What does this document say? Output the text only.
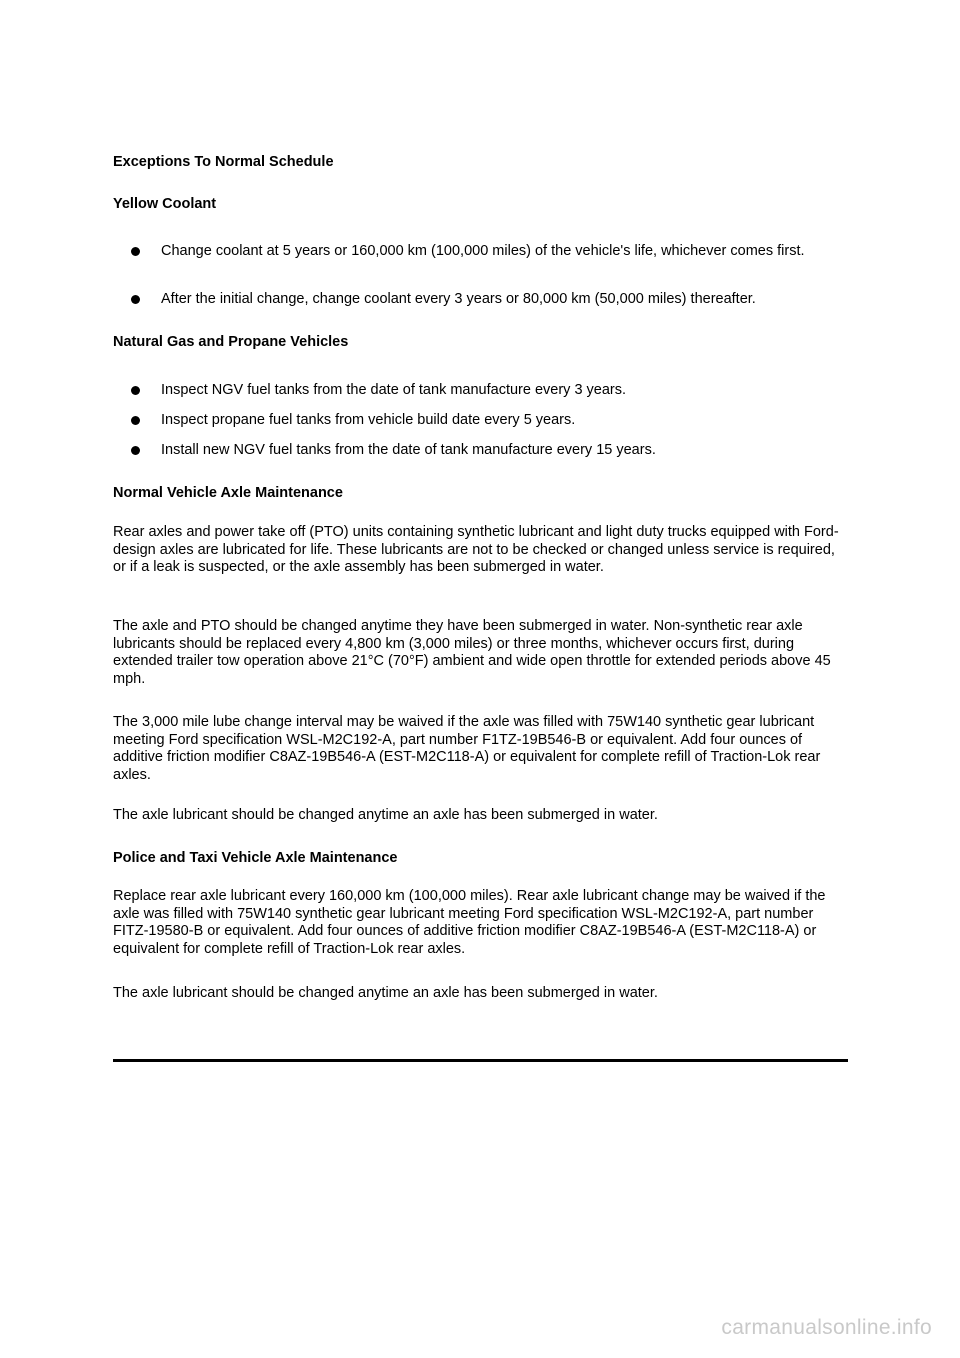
Exceptions To Normal Schedule
Yellow Coolant
Change coolant at 5 years or 160,000 km (100,000 miles) of the vehicle's life, whichever comes first.
After the initial change, change coolant every 3 years or 80,000 km (50,000 miles) thereafter.
Natural Gas and Propane Vehicles
Inspect NGV fuel tanks from the date of tank manufacture every 3 years.
Inspect propane fuel tanks from vehicle build date every 5 years.
Install new NGV fuel tanks from the date of tank manufacture every 15 years.
Normal Vehicle Axle Maintenance

Rear axles and power take off (PTO) units containing synthetic lubricant and light duty trucks equipped with Ford-design axles are lubricated for life. These lubricants are not to be checked or changed unless service is required, or if a leak is suspected, or the axle assembly has been submerged in water.

The axle and PTO should be changed anytime they have been submerged in water. Non-synthetic rear axle lubricants should be replaced every 4,800 km (3,000 miles) or three months, whichever occurs first, during extended trailer tow operation above 21°C (70°F) ambient and wide open throttle for extended periods above 45 mph.

The 3,000 mile lube change interval may be waived if the axle was filled with 75W140 synthetic gear lubricant meeting Ford specification WSL-M2C192-A, part number F1TZ-19B546-B or equivalent. Add four ounces of additive friction modifier C8AZ-19B546-A (EST-M2C118-A) or equivalent for complete refill of Traction-Lok rear axles.

The axle lubricant should be changed anytime an axle has been submerged in water.

Police and Taxi Vehicle Axle Maintenance

Replace rear axle lubricant every 160,000 km (100,000 miles). Rear axle lubricant change may be waived if the axle was filled with 75W140 synthetic gear lubricant meeting Ford specification WSL-M2C192-A, part number FITZ-19580-B or equivalent. Add four ounces of additive friction modifier C8AZ-19B546-A (EST-M2C118-A) or equivalent for complete refill of Traction-Lok rear axles.

The axle lubricant should be changed anytime an axle has been submerged in water.

carmanualsonline.info
